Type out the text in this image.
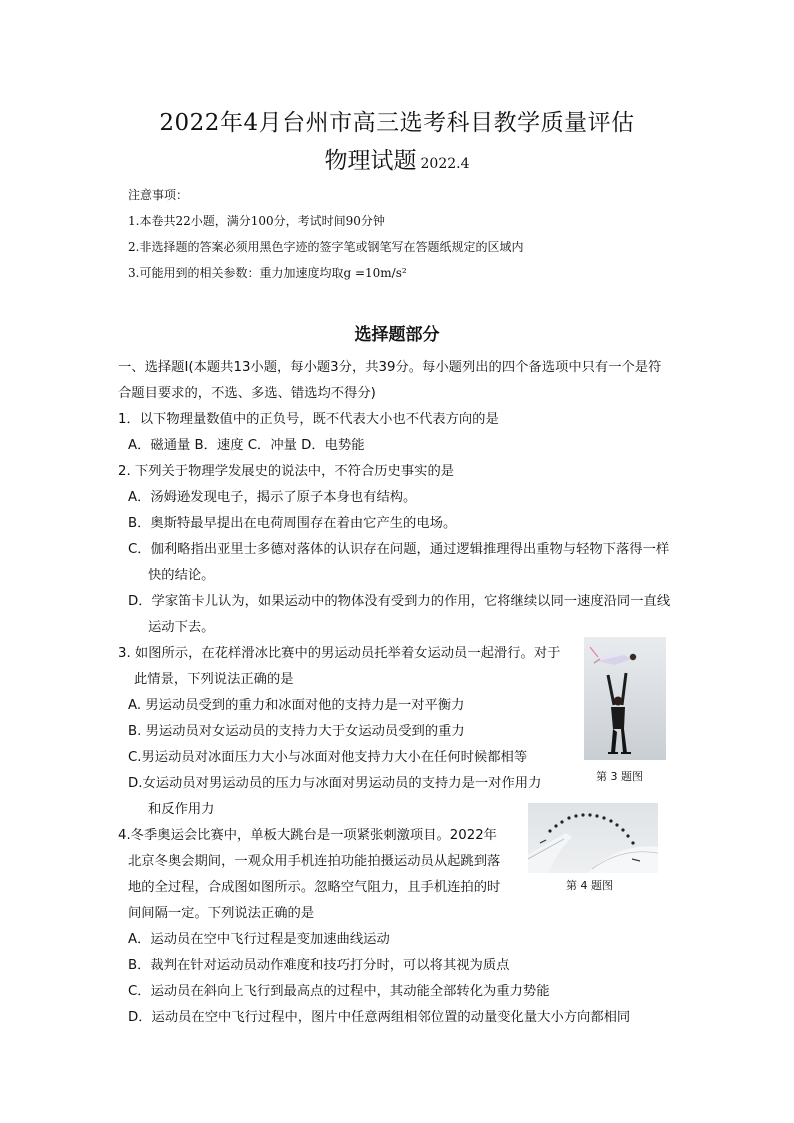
2022年4月台州市高三选考科目教学质量评估
物理试题 2022.4
注意事项：
1.本卷共22小题，满分100分，考试时间90分钟
2.非选择题的答案必须用黑色字迹的签字笔或钢笔写在答题纸规定的区域内
3.可能用到的相关参数：重力加速度均取g =10m/s²
选择题部分
一、选择题Ⅰ(本题共13小题，每小题3分，共39分。每小题列出的四个备选项中只有一个是符
合题目要求的，不选、多选、错选均不得分)
1．以下物理量数值中的正负号，既不代表大小也不代表方向的是
A．磁通量 B．速度 C．冲量 D．电势能
2. 下列关于物理学发展史的说法中，不符合历史事实的是
A．汤姆逊发现电子，揭示了原子本身也有结构。
B．奥斯特最早提出在电荷周围存在着由它产生的电场。
C．伽利略指出亚里士多德对落体的认识存在问题，通过逻辑推理得出重物与轻物下落得一样
快的结论。
D．学家笛卡儿认为，如果运动中的物体没有受到力的作用，它将继续以同一速度沿同一直线
运动下去。
3. 如图所示，在花样滑冰比赛中的男运动员托举着女运动员一起滑行。对于
此情景，下列说法正确的是
A. 男运动员受到的重力和冰面对他的支持力是一对平衡力
B. 男运动员对女运动员的支持力大于女运动员受到的重力
C.男运动员对冰面压力大小与冰面对他支持力大小在任何时候都相等
D.女运动员对男运动员的压力与冰面对男运动员的支持力是一对作用力
和反作用力
第 3 题图
4.冬季奥运会比赛中，单板大跳台是一项紧张刺激项目。2022年
北京冬奥会期间，一观众用手机连拍功能拍摄运动员从起跳到落
地的全过程，合成图如图所示。忽略空气阻力，且手机连拍的时
间间隔一定。下列说法正确的是
A．运动员在空中飞行过程是变加速曲线运动
B．裁判在针对运动员动作难度和技巧打分时，可以将其视为质点
C．运动员在斜向上飞行到最高点的过程中，其动能全部转化为重力势能
D．运动员在空中飞行过程中，图片中任意两组相邻位置的动量变化量大小方向都相同
第 4 题图
